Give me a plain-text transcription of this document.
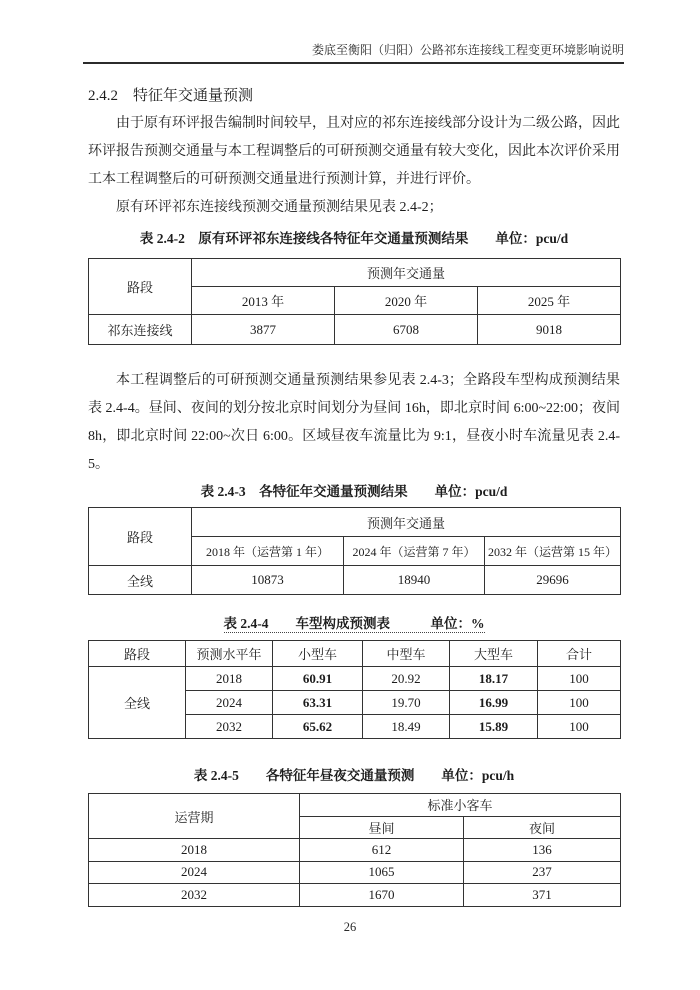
娄底至衡阳（归阳）公路祁东连接线工程变更环境影响说明
2.4.2　特征年交通量预测

由于原有环评报告编制时间较早，且对应的祁东连接线部分设计为二级公路，因此环评报告预测交通量与本工程调整后的可研预测交通量有较大变化，因此本次评价采用工本工程调整后的可研预测交通量进行预测计算，并进行评价。

原有环评祁东连接线预测交通量预测结果见表 2.4-2；

表 2.4-2　原有环评祁东连接线各特征年交通量预测结果　　单位：pcu/d

路段	预测年交通量		
	2013 年	2020 年	2025 年
祁东连接线	3877	6708	9018

本工程调整后的可研预测交通量预测结果参见表 2.4-3；全路段车型构成预测结果表 2.4-4。昼间、夜间的划分按北京时间划分为昼间 16h，即北京时间 6:00~22:00；夜间 8h，即北京时间 22:00~次日 6:00。区域昼夜车流量比为 9:1，昼夜小时车流量见表 2.4-5。

表 2.4-3　各特征年交通量预测结果　　单位：pcu/d

路段	预测年交通量		
	2018 年（运营第 1 年）	2024 年（运营第 7 年）	2032 年（运营第 15 年）
全线	10873	18940	29696

表 2.4-4　　车型构成预测表　　　单位：%

路段	预测水平年	小型车	中型车	大型车	合计
全线	2018	60.91	20.92	18.17	100
	2024	63.31	19.70	16.99	100
	2032	65.62	18.49	15.89	100

表 2.4-5　　各特征年昼夜交通量预测　　单位：pcu/h

运营期	标准小客车	
	昼间	夜间
2018	612	136
2024	1065	237
2032	1670	371
26
